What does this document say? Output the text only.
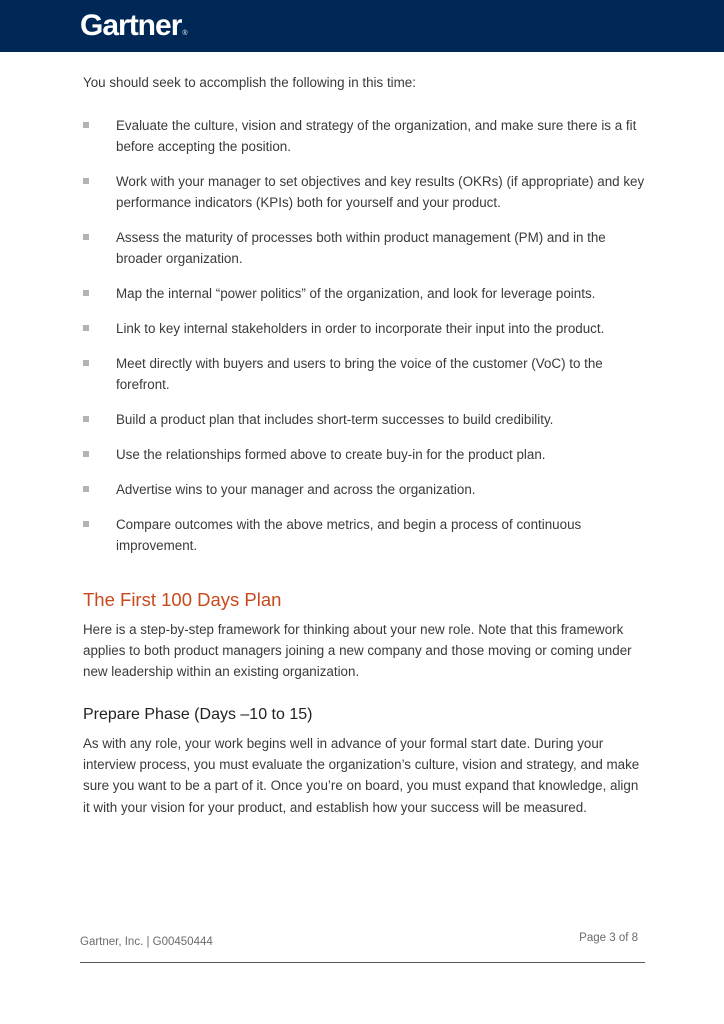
Gartner®

You should seek to accomplish the following in this time:

Evaluate the culture, vision and strategy of the organization, and make sure there is a fit before accepting the position.
Work with your manager to set objectives and key results (OKRs) (if appropriate) and key performance indicators (KPIs) both for yourself and your product.
Assess the maturity of processes both within product management (PM) and in the broader organization.
Map the internal “power politics” of the organization, and look for leverage points.
Link to key internal stakeholders in order to incorporate their input into the product.
Meet directly with buyers and users to bring the voice of the customer (VoC) to the forefront.
Build a product plan that includes short-term successes to build credibility.
Use the relationships formed above to create buy-in for the product plan.
Advertise wins to your manager and across the organization.
Compare outcomes with the above metrics, and begin a process of continuous improvement.
The First 100 Days Plan

Here is a step-by-step framework for thinking about your new role. Note that this framework applies to both product managers joining a new company and those moving or coming under new leadership within an existing organization.

Prepare Phase (Days –10 to 15)

As with any role, your work begins well in advance of your formal start date. During your interview process, you must evaluate the organization’s culture, vision and strategy, and make sure you want to be a part of it. Once you’re on board, you must expand that knowledge, align it with your vision for your product, and establish how your success will be measured.

Gartner, Inc. | G00450444	Page 3 of 8
